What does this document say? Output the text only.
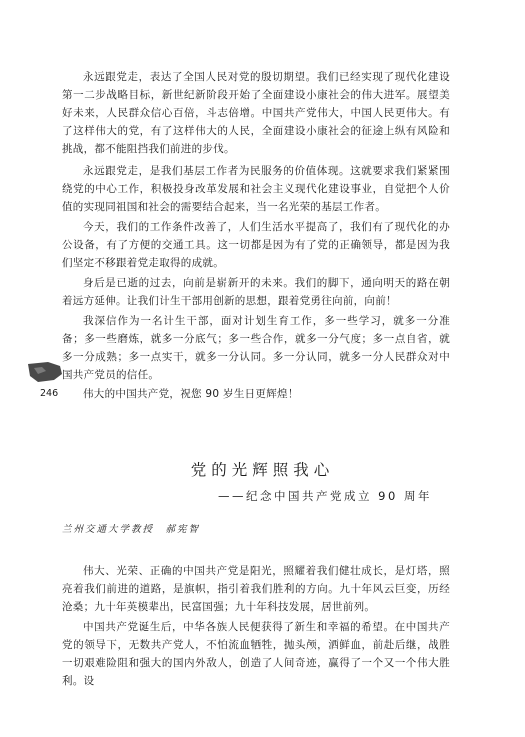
永远跟党走，表达了全国人民对党的殷切期望。我们已经实现了现代化建设第一二步战略目标，新世纪新阶段开始了全面建设小康社会的伟大进军。展望美好未来，人民群众信心百倍，斗志倍增。中国共产党伟大，中国人民更伟大。有了这样伟大的党，有了这样伟大的人民，全面建设小康社会的征途上纵有风险和挑战，都不能阻挡我们前进的步伐。

永远跟党走，是我们基层工作者为民服务的价值体现。这就要求我们紧紧围绕党的中心工作，积极投身改革发展和社会主义现代化建设事业，自觉把个人价值的实现同祖国和社会的需要结合起来，当一名光荣的基层工作者。

今天，我们的工作条件改善了，人们生活水平提高了，我们有了现代化的办公设备，有了方便的交通工具。这一切都是因为有了党的正确领导，都是因为我们坚定不移跟着党走取得的成就。

身后是已逝的过去，向前是崭新开的未来。我们的脚下，通向明天的路在朝着远方延伸。让我们计生干部用创新的思想，跟着党勇往向前，向前！

我深信作为一名计生干部，面对计划生育工作，多一些学习，就多一分准备；多一些磨炼，就多一分底气；多一些合作，就多一分气度；多一点自省，就多一分成熟；多一点实干，就多一分认同。多一分认同，就多一分人民群众对中国共产党员的信任。

伟大的中国共产党，祝您 90 岁生日更辉煌！

246

党的光辉照我心

——纪念中国共产党成立 90 周年

兰州交通大学教授　郝宪智

伟大、光荣、正确的中国共产党是阳光，照耀着我们健壮成长，是灯塔，照亮着我们前进的道路，是旗帜，指引着我们胜利的方向。九十年风云巨变，历经沧桑；九十年英模辈出，民富国强；九十年科技发展，居世前列。

中国共产党诞生后，中华各族人民便获得了新生和幸福的希望。在中国共产党的领导下，无数共产党人，不怕流血牺牲，抛头颅，洒鲜血，前赴后继，战胜一切艰难险阻和强大的国内外敌人，创造了人间奇迹，赢得了一个又一个伟大胜利。设
